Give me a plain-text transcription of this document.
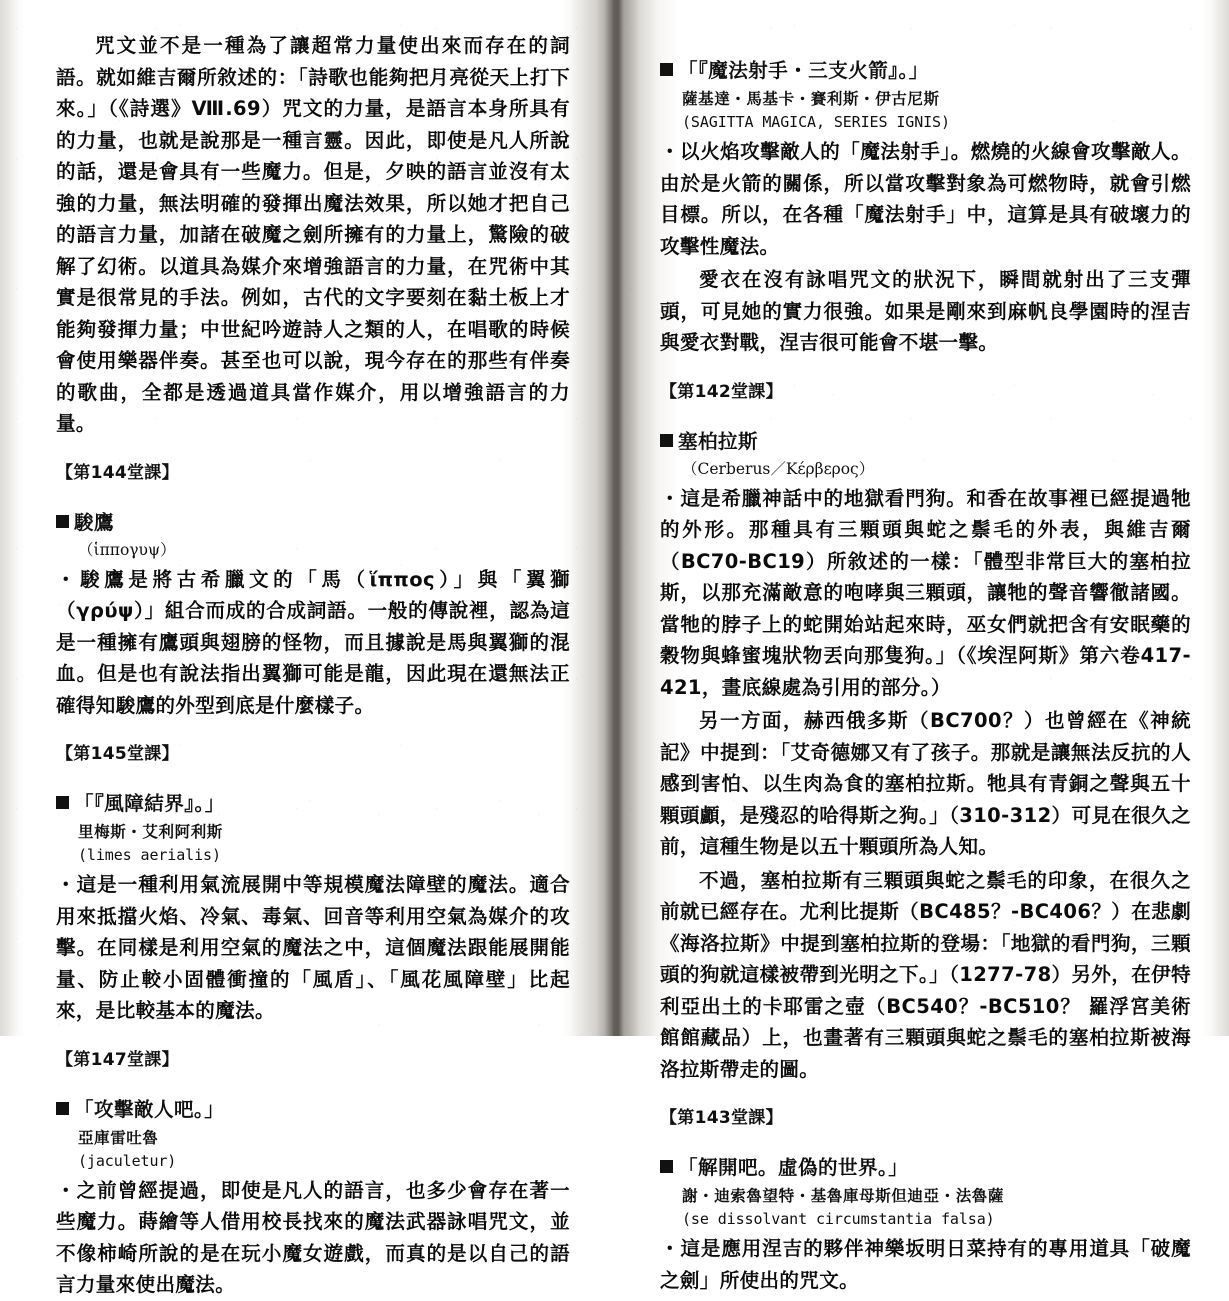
咒文並不是一種為了讓超常力量使出來而存在的詞語。就如維吉爾所敘述的：「詩歌也能夠把月亮從天上打下來。」（《詩選》Ⅷ.69）咒文的力量，是語言本身所具有的力量，也就是說那是一種言靈。因此，即使是凡人所說的話，還是會具有一些魔力。但是，夕映的語言並沒有太強的力量，無法明確的發揮出魔法效果，所以她才把自己的語言力量，加諸在破魔之劍所擁有的力量上，驚險的破解了幻術。以道具為媒介來增強語言的力量，在咒術中其實是很常見的手法。例如，古代的文字要刻在黏土板上才能夠發揮力量；中世紀吟遊詩人之類的人，在唱歌的時候會使用樂器伴奏。甚至也可以說，現今存在的那些有伴奏的歌曲，全都是透過道具當作媒介，用以增強語言的力量。

【第144堂課】
駿鷹
（ἱππογυψ）

・駿鷹是將古希臘文的「馬（ἵππος）」與「翼獅（γρύψ）」組合而成的合成詞語。一般的傳說裡，認為這是一種擁有鷹頭與翅膀的怪物，而且據說是馬與翼獅的混血。但是也有說法指出翼獅可能是龍，因此現在還無法正確得知駿鷹的外型到底是什麼樣子。

【第145堂課】
「『風障結界』。」
里梅斯・艾利阿利斯
(limes aerialis)

・這是一種利用氣流展開中等規模魔法障壁的魔法。適合用來抵擋火焰、冷氣、毒氣、回音等利用空氣為媒介的攻擊。在同樣是利用空氣的魔法之中，這個魔法跟能展開能量、防止較小固體衝撞的「風盾」、「風花風障壁」比起來，是比較基本的魔法。

【第147堂課】
「攻擊敵人吧。」
亞庫雷吐魯
(jaculetur)

・之前曾經提過，即使是凡人的語言，也多少會存在著一些魔力。蒔繪等人借用校長找來的魔法武器詠唱咒文，並不像柿崎所說的是在玩小魔女遊戲，而真的是以自己的語言力量來使出魔法。

「『魔法射手・三支火箭』。」
薩基達・馬基卡・賽利斯・伊古尼斯
(SAGITTA MAGICA, SERIES IGNIS)

・以火焰攻擊敵人的「魔法射手」。燃燒的火線會攻擊敵人。由於是火箭的關係，所以當攻擊對象為可燃物時，就會引燃目標。所以，在各種「魔法射手」中，這算是具有破壞力的攻擊性魔法。

愛衣在沒有詠唱咒文的狀況下，瞬間就射出了三支彈頭，可見她的實力很強。如果是剛來到麻帆良學園時的涅吉與愛衣對戰，涅吉很可能會不堪一擊。

【第142堂課】
塞柏拉斯
（Cerberus／Κέρβερος）

・這是希臘神話中的地獄看門狗。和香在故事裡已經提過牠的外形。那種具有三顆頭與蛇之鬃毛的外表，與維吉爾（BC70-BC19）所敘述的一樣：「體型非常巨大的塞柏拉斯，以那充滿敵意的咆哮與三顆頭，讓牠的聲音響徹諸國。當牠的脖子上的蛇開始站起來時，巫女們就把含有安眠藥的穀物與蜂蜜塊狀物丟向那隻狗。」（《埃涅阿斯》第六卷417-421，畫底線處為引用的部分。）

另一方面，赫西俄多斯（BC700？）也曾經在《神統記》中提到：「艾奇德娜又有了孩子。那就是讓無法反抗的人感到害怕、以生肉為食的塞柏拉斯。牠具有青銅之聲與五十顆頭顱，是殘忍的哈得斯之狗。」（310-312）可見在很久之前，這種生物是以五十顆頭所為人知。

不過，塞柏拉斯有三顆頭與蛇之鬃毛的印象，在很久之前就已經存在。尤利比提斯（BC485？-BC406？）在悲劇《海洛拉斯》中提到塞柏拉斯的登場：「地獄的看門狗，三顆頭的狗就這樣被帶到光明之下。」（1277-78）另外，在伊特利亞出土的卡耶雷之壺（BC540？-BC510？ 羅浮宮美術館館藏品）上，也畫著有三顆頭與蛇之鬃毛的塞柏拉斯被海洛拉斯帶走的圖。

【第143堂課】
「解開吧。虛偽的世界。」
謝・迪索魯望特・基魯庫母斯但迪亞・法魯薩
(se dissolvant circumstantia falsa)

・這是應用涅吉的夥伴神樂坂明日菜持有的專用道具「破魔之劍」所使出的咒文。
